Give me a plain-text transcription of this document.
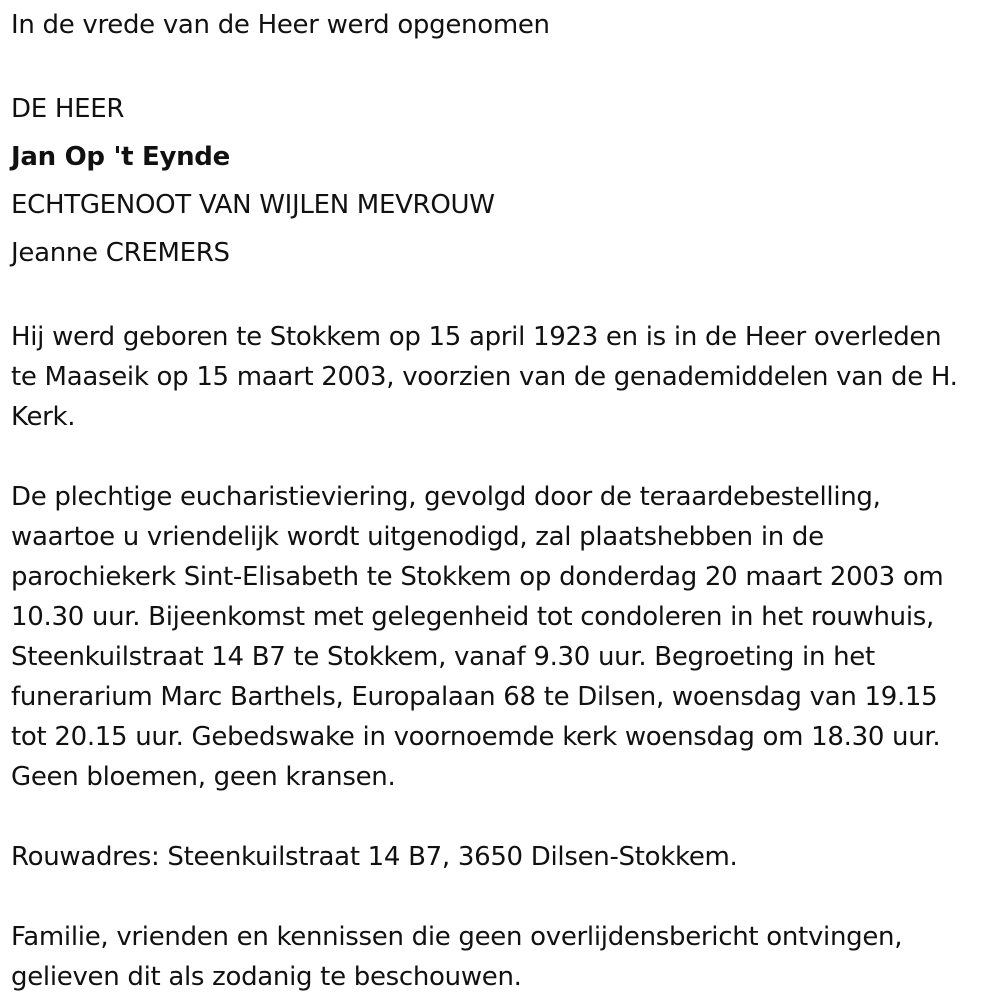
In de vrede van de Heer werd opgenomen
DE HEER
Jan Op 't Eynde
ECHTGENOOT VAN WIJLEN MEVROUW
Jeanne CREMERS
Hij werd geboren te Stokkem op 15 april 1923 en is in de Heer overleden
te Maaseik op 15 maart 2003, voorzien van de genademiddelen van de H.
Kerk.
De plechtige eucharistieviering, gevolgd door de teraardebestelling,
waartoe u vriendelijk wordt uitgenodigd, zal plaatshebben in de
parochiekerk Sint-Elisabeth te Stokkem op donderdag 20 maart 2003 om
10.30 uur. Bijeenkomst met gelegenheid tot condoleren in het rouwhuis,
Steenkuilstraat 14 B7 te Stokkem, vanaf 9.30 uur. Begroeting in het
funerarium Marc Barthels, Europalaan 68 te Dilsen, woensdag van 19.15
tot 20.15 uur. Gebedswake in voornoemde kerk woensdag om 18.30 uur.
Geen bloemen, geen kransen.
Rouwadres: Steenkuilstraat 14 B7, 3650 Dilsen-Stokkem.
Familie, vrienden en kennissen die geen overlijdensbericht ontvingen,
gelieven dit als zodanig te beschouwen.
